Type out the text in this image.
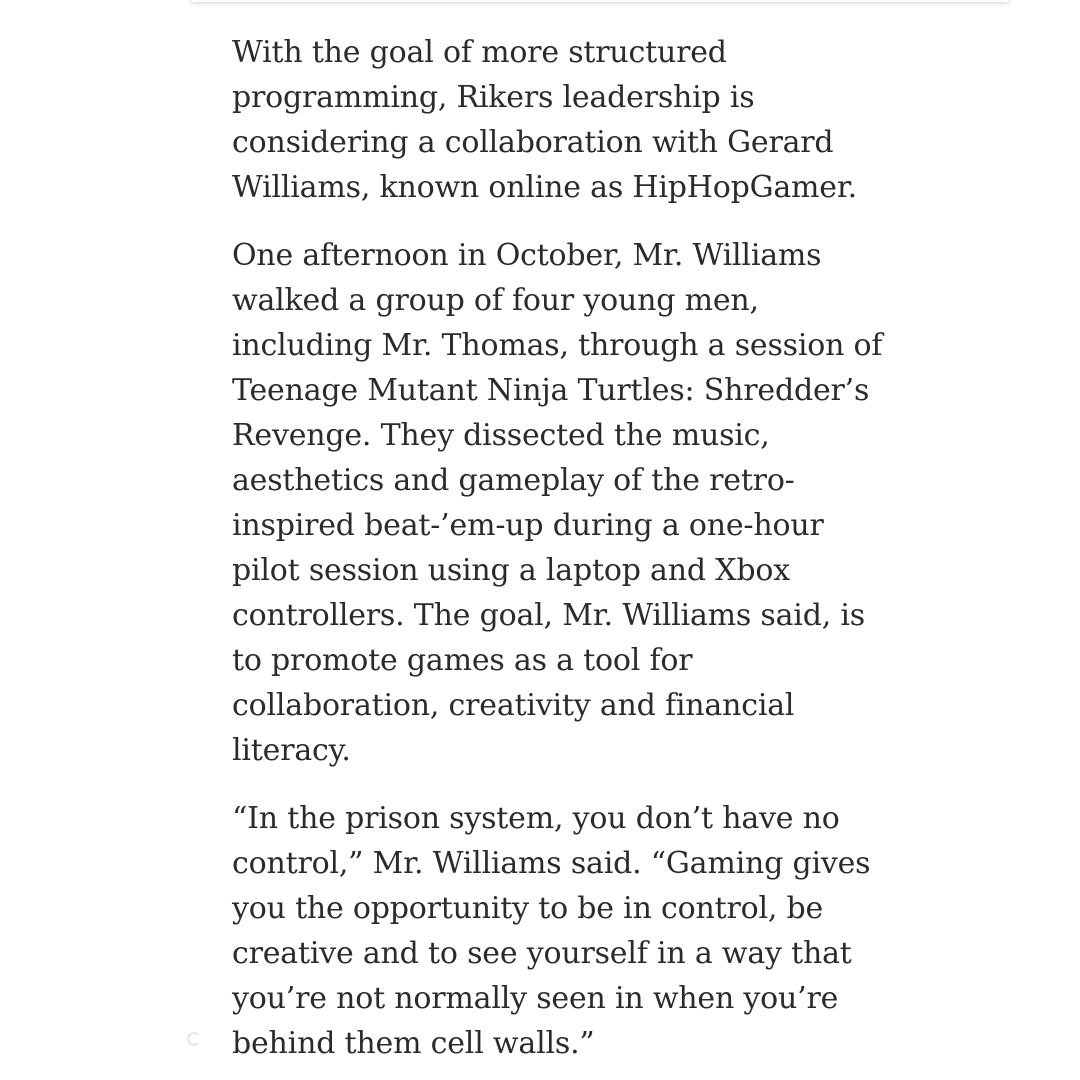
With the goal of more structured
programming, Rikers leadership is
considering a collaboration with Gerard
Williams, known online as HipHopGamer.

One afternoon in October, Mr. Williams
walked a group of four young men,
including Mr. Thomas, through a session of
Teenage Mutant Ninja Turtles: Shredder’s
Revenge. They dissected the music,
aesthetics and gameplay of the retro-
inspired beat-’em-up during a one-hour
pilot session using a laptop and Xbox
controllers. The goal, Mr. Williams said, is
to promote games as a tool for
collaboration, creativity and financial
literacy.

“In the prison system, you don’t have no
control,” Mr. Williams said. “Gaming gives
you the opportunity to be in control, be
creative and to see yourself in a way that
you’re not normally seen in when you’re
behind them cell walls.”
